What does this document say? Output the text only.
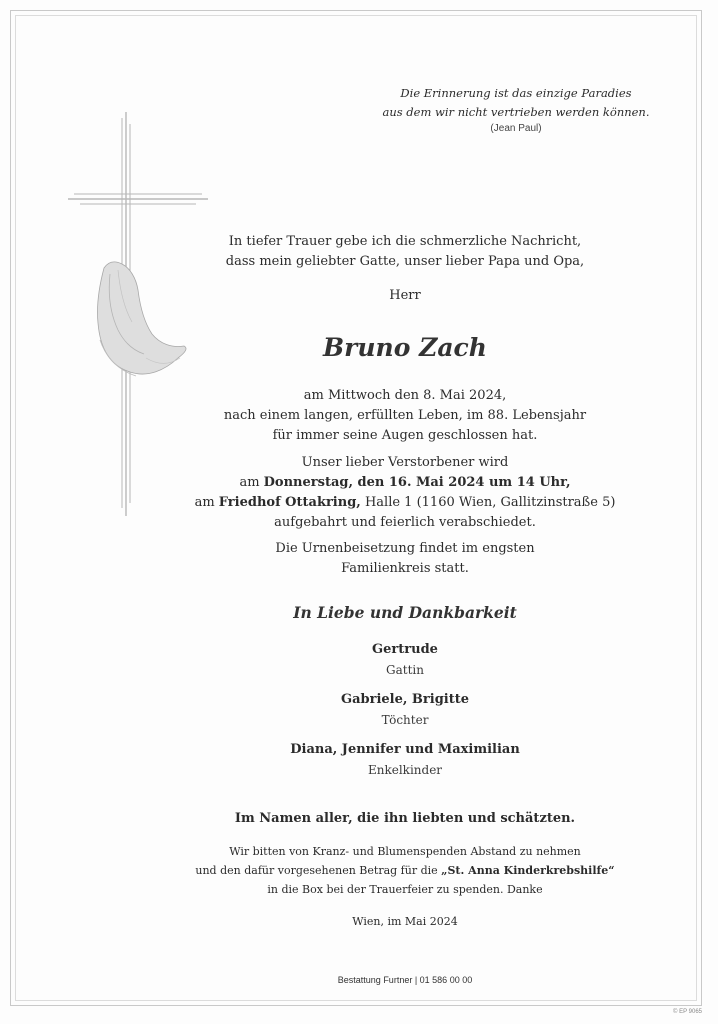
Die Erinnerung ist das einzige Paradies
aus dem wir nicht vertrieben werden können.
(Jean Paul)

In tiefer Trauer gebe ich die schmerzliche Nachricht,

dass mein geliebter Gatte, unser lieber Papa und Opa,

Herr
Bruno Zach

am Mittwoch den 8. Mai 2024,

nach einem langen, erfüllten Leben, im 88. Lebensjahr

für immer seine Augen geschlossen hat.

Unser lieber Verstorbener wird

am Donnerstag, den 16. Mai 2024 um 14 Uhr,

am Friedhof Ottakring, Halle 1 (1160 Wien, Gallitzinstraße 5)

aufgebahrt und feierlich verabschiedet.

Die Urnenbeisetzung findet im engsten

Familienkreis statt.

In Liebe und Dankbarkeit

Gertrude

Gattin

Gabriele, Brigitte

Töchter

Diana, Jennifer und Maximilian

Enkelkinder

Im Namen aller, die ihn liebten und schätzten.

Wir bitten von Kranz- und Blumenspenden Abstand zu nehmen

und den dafür vorgesehenen Betrag für die „St. Anna Kinderkrebshilfe“

in die Box bei der Trauerfeier zu spenden. Danke

Wien, im Mai 2024
Bestattung Furtner | 01 586 00 00
© EP 9065
